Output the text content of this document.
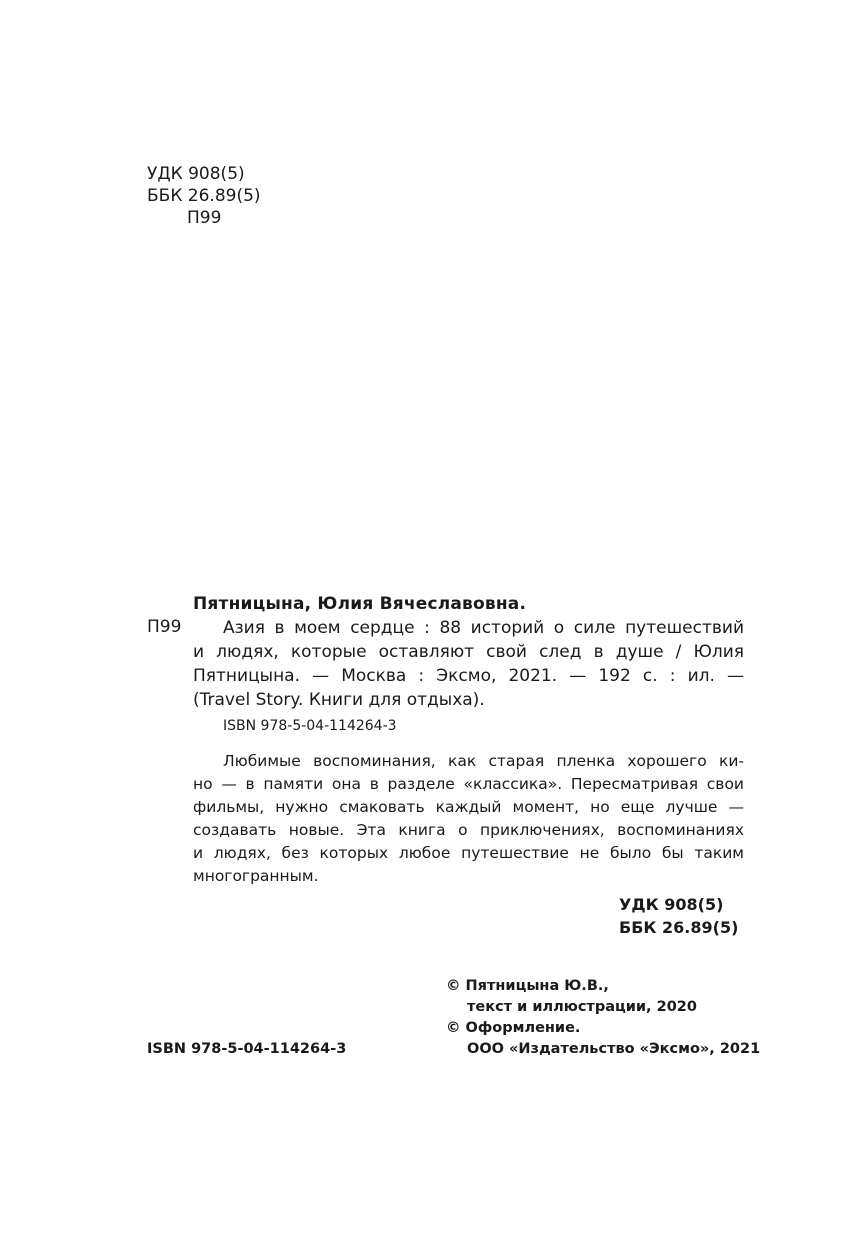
УДК 908(5)
ББК 26.89(5)
П99
Пятницына, Юлия Вячеславовна.
П99	Азия в моем сердце : 88 историй о силе путешествий
и людях, которые оставляют свой след в душе / Юлия
Пятницына. — Москва : Эксмо, 2021. — 192 с. : ил. —
(Travel Story. Книги для отдыха).
ISBN 978-5-04-114264-3
Любимые воспоминания, как старая пленка хорошего ки-
но — в памяти она в разделе «классика». Пересматривая свои
фильмы, нужно смаковать каждый момент, но еще лучше —
создавать новые. Эта книга о приключениях, воспоминаниях
и людях, без которых любое путешествие не было бы таким
многогранным.
УДК 908(5)
ББК 26.89(5)
© Пятницына Ю.В.,
текст и иллюстрации, 2020
© Оформление.
ООО «Издательство «Эксмо», 2021
ISBN 978-5-04-114264-3
